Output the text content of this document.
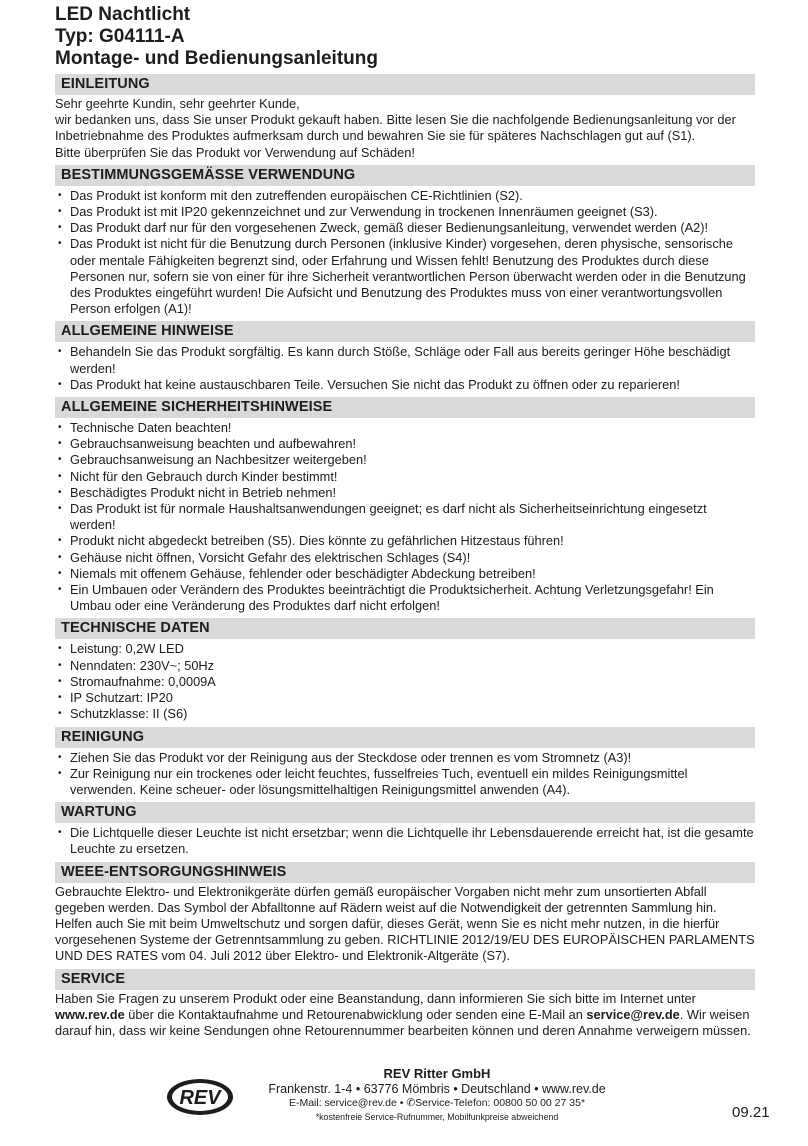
LED Nachtlicht
Typ: G04111-A
Montage- und Bedienungsanleitung
EINLEITUNG

Sehr geehrte Kundin, sehr geehrter Kunde,

wir bedanken uns, dass Sie unser Produkt gekauft haben. Bitte lesen Sie die nachfolgende Bedienungsanleitung vor der Inbetriebnahme des Produktes aufmerksam durch und bewahren Sie sie für späteres Nachschlagen gut auf (S1).

Bitte überprüfen Sie das Produkt vor Verwendung auf Schäden!

BESTIMMUNGSGEMÄSSE VERWENDUNG
• Das Produkt ist konform mit den zutreffenden europäischen CE-Richtlinien (S2).
• Das Produkt ist mit IP20 gekennzeichnet und zur Verwendung in trockenen Innenräumen geeignet (S3).
• Das Produkt darf nur für den vorgesehenen Zweck, gemäß dieser Bedienungsanleitung, verwendet werden (A2)!
• Das Produkt ist nicht für die Benutzung durch Personen (inklusive Kinder) vorgesehen, deren physische, sensorische oder mentale Fähigkeiten begrenzt sind, oder Erfahrung und Wissen fehlt! Benutzung des Produktes durch diese Personen nur, sofern sie von einer für ihre Sicherheit verantwortlichen Person überwacht werden oder in die Benutzung des Produktes eingeführt wurden! Die Aufsicht und Benutzung des Produktes muss von einer verantwortungsvollen Person erfolgen (A1)!
ALLGEMEINE HINWEISE
• Behandeln Sie das Produkt sorgfältig. Es kann durch Stöße, Schläge oder Fall aus bereits geringer Höhe beschädigt werden!
• Das Produkt hat keine austauschbaren Teile. Versuchen Sie nicht das Produkt zu öffnen oder zu reparieren!
ALLGEMEINE SICHERHEITSHINWEISE
• Technische Daten beachten!
• Gebrauchsanweisung beachten und aufbewahren!
• Gebrauchsanweisung an Nachbesitzer weitergeben!
• Nicht für den Gebrauch durch Kinder bestimmt!
• Beschädigtes Produkt nicht in Betrieb nehmen!
• Das Produkt ist für normale Haushaltsanwendungen geeignet; es darf nicht als Sicherheitseinrichtung eingesetzt werden!
• Produkt nicht abgedeckt betreiben (S5). Dies könnte zu gefährlichen Hitzestaus führen!
• Gehäuse nicht öffnen, Vorsicht Gefahr des elektrischen Schlages (S4)!
• Niemals mit offenem Gehäuse, fehlender oder beschädigter Abdeckung betreiben!
• Ein Umbauen oder Verändern des Produktes beeinträchtigt die Produktsicherheit. Achtung Verletzungsgefahr! Ein Umbau oder eine Veränderung des Produktes darf nicht erfolgen!
TECHNISCHE DATEN
• Leistung: 0,2W LED
• Nenndaten: 230V~; 50Hz
• Stromaufnahme: 0,0009A
• IP Schutzart: IP20
• Schutzklasse: II (S6)
REINIGUNG
• Ziehen Sie das Produkt vor der Reinigung aus der Steckdose oder trennen es vom Stromnetz (A3)!
• Zur Reinigung nur ein trockenes oder leicht feuchtes, fusselfreies Tuch, eventuell ein mildes Reinigungsmittel verwenden. Keine scheuer- oder lösungsmittelhaltigen Reinigungsmittel anwenden (A4).
WARTUNG
• Die Lichtquelle dieser Leuchte ist nicht ersetzbar; wenn die Lichtquelle ihr Lebensdauerende erreicht hat, ist die gesamte Leuchte zu ersetzen.
WEEE-ENTSORGUNGSHINWEIS

Gebrauchte Elektro- und Elektronikgeräte dürfen gemäß europäischer Vorgaben nicht mehr zum unsortierten Abfall gegeben werden. Das Symbol der Abfalltonne auf Rädern weist auf die Notwendigkeit der getrennten Sammlung hin. Helfen auch Sie mit beim Umweltschutz und sorgen dafür, dieses Gerät, wenn Sie es nicht mehr nutzen, in die hierfür vorgesehenen Systeme der Getrenntsammlung zu geben. RICHTLINIE 2012/19/EU DES EUROPÄISCHEN PARLAMENTS UND DES RATES vom 04. Juli 2012 über Elektro- und Elektronik-Altgeräte (S7).

SERVICE

Haben Sie Fragen zu unserem Produkt oder eine Beanstandung, dann informieren Sie sich bitte im Internet unter www.rev.de über die Kontaktaufnahme und Retourenabwicklung oder senden eine E-Mail an service@rev.de. Wir weisen darauf hin, dass wir keine Sendungen ohne Retourennummer bearbeiten können und deren Annahme verweigern müssen.

REV
REV Ritter GmbH
Frankenstr. 1-4 • 63776 Mömbris • Deutschland • www.rev.de
E-Mail: service@rev.de • ✆Service-Telefon: 00800 50 00 27 35*
*kostenfreie Service-Rufnummer, Mobilfunkpreise abweichend	09.21
